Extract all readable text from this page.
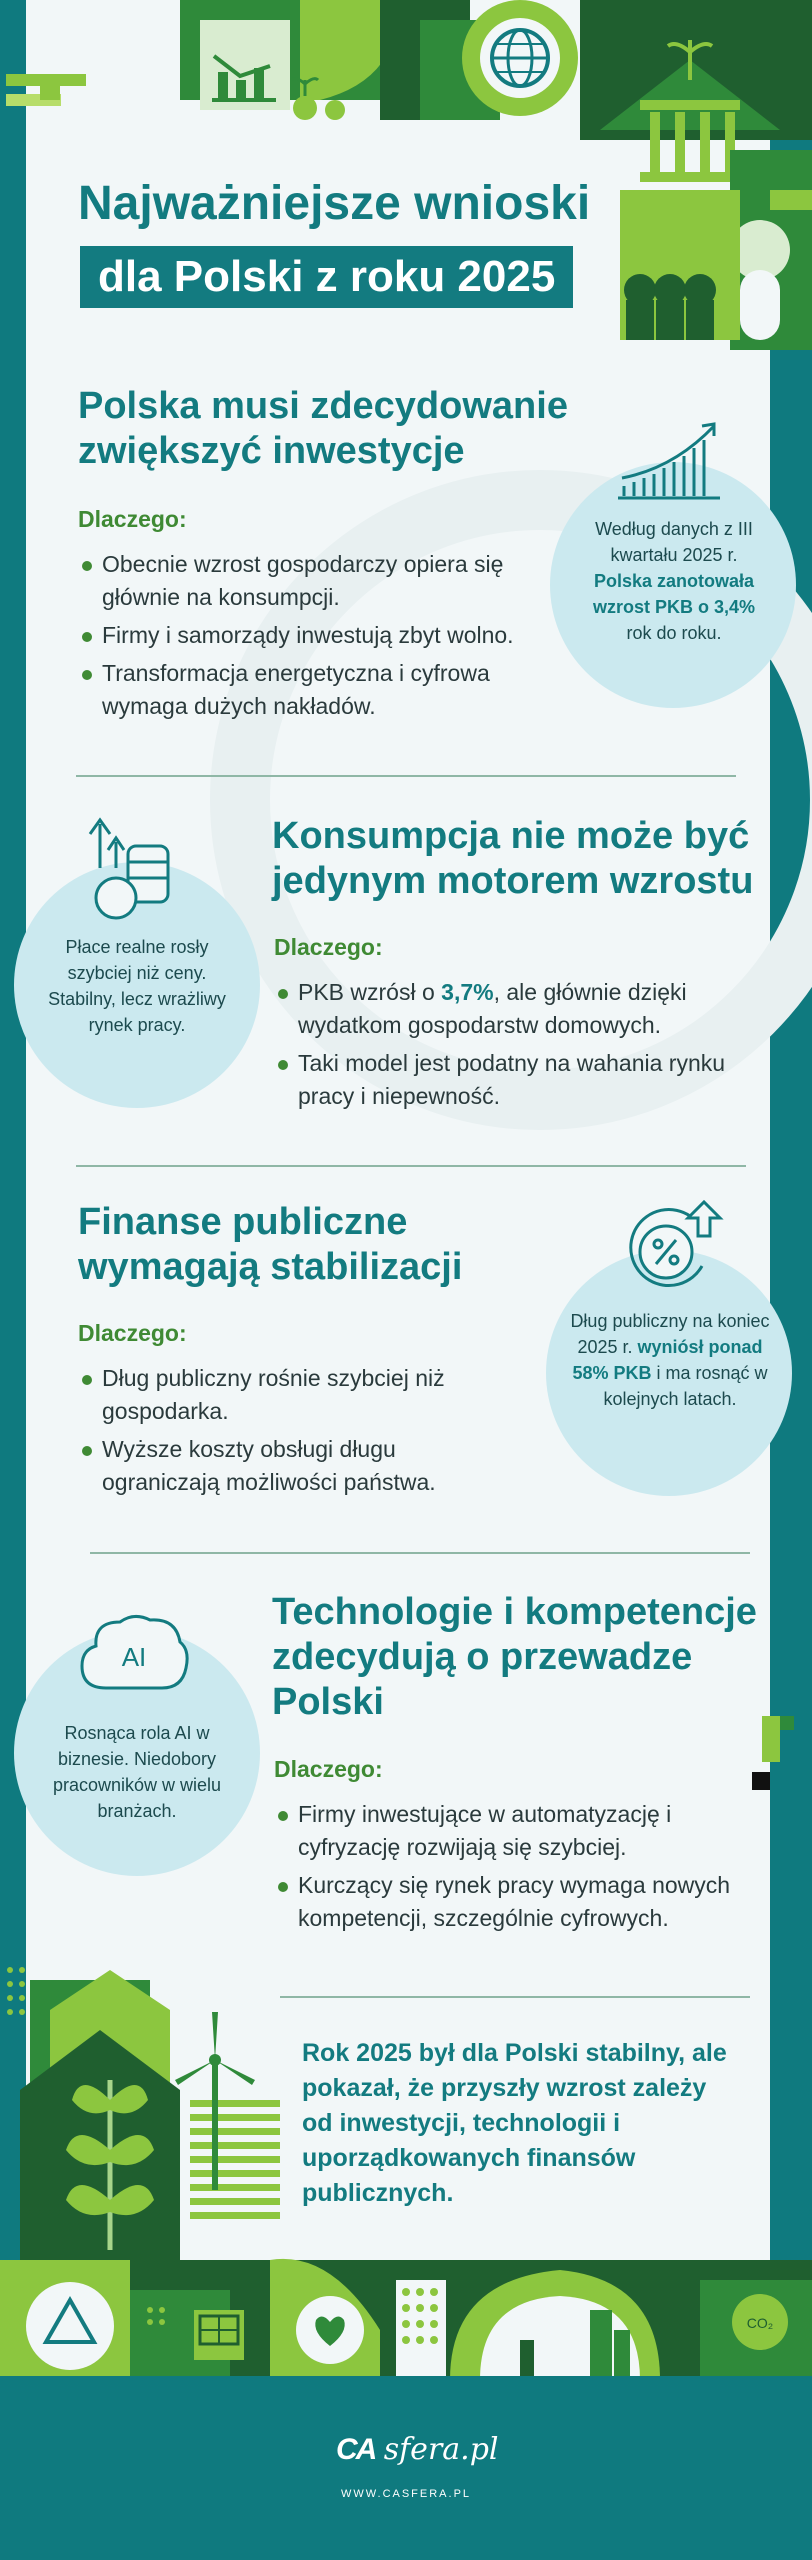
Najważniejsze wnioski
dla Polski z roku 2025
Polska musi zdecydowanie zwiększyć inwestycje
Dlaczego:
Obecnie wzrost gospodarczy opiera się głównie na konsumpcji.
Firmy i samorządy inwestują zbyt wolno.
Transformacja energetyczna i cyfrowa wymaga dużych nakładów.
Według danych z III kwartału 2025 r.
Polska zanotowała wzrost PKB o 3,4%
rok do roku.
Płace realne rosły szybciej niż ceny. Stabilny, lecz wrażliwy rynek pracy.
Konsumpcja nie może być jedynym motorem wzrostu
Dlaczego:
PKB wzrósł o 3,7%, ale głównie dzięki wydatkom gospodarstw domowych.
Taki model jest podatny na wahania rynku pracy i niepewność.
Finanse publiczne wymagają stabilizacji
Dlaczego:
Dług publiczny rośnie szybciej niż gospodarka.
Wyższe koszty obsługi długu ograniczają możliwości państwa.
Dług publiczny na koniec 2025 r. wyniósł ponad 58% PKB i ma rosnąć w kolejnych latach.
AI
Rosnąca rola AI w biznesie. Niedobory pracowników w wielu branżach.
Technologie i kompetencje zdecydują o przewadze Polski
Dlaczego:
Firmy inwestujące w automatyzację i cyfryzację rozwijają się szybciej.
Kurczący się rynek pracy wymaga nowych kompetencji, szczególnie cyfrowych.
Rok 2025 był dla Polski stabilny, ale pokazał, że przyszły wzrost zależy od inwestycji, technologii i uporządkowanych finansów publicznych.
CO₂
CA sfera.pl
WWW.CASFERA.PL
